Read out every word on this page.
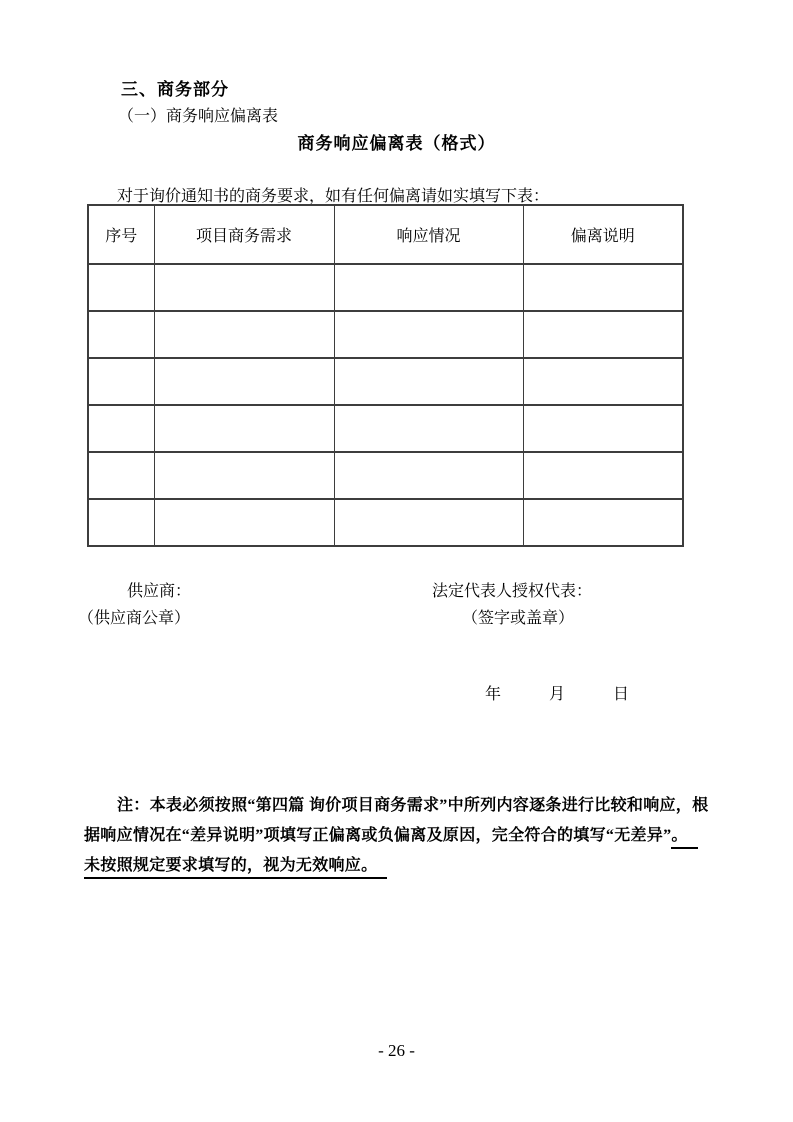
三、商务部分
（一）商务响应偏离表
商务响应偏离表（格式）
对于询价通知书的商务要求，如有任何偏离请如实填写下表：
序号	项目商务需求	响应情况	偏离说明

供应商：
（供应商公章）
法定代表人授权代表：
（签字或盖章）
年	月	日
注：本表必须按照“第四篇 询价项目商务需求”中所列内容逐条进行比较和响应，根
据响应情况在“差异说明”项填写正偏离或负偏离及原因，完全符合的填写“无差异”。
未按照规定要求填写的，视为无效响应。
- 26 -
